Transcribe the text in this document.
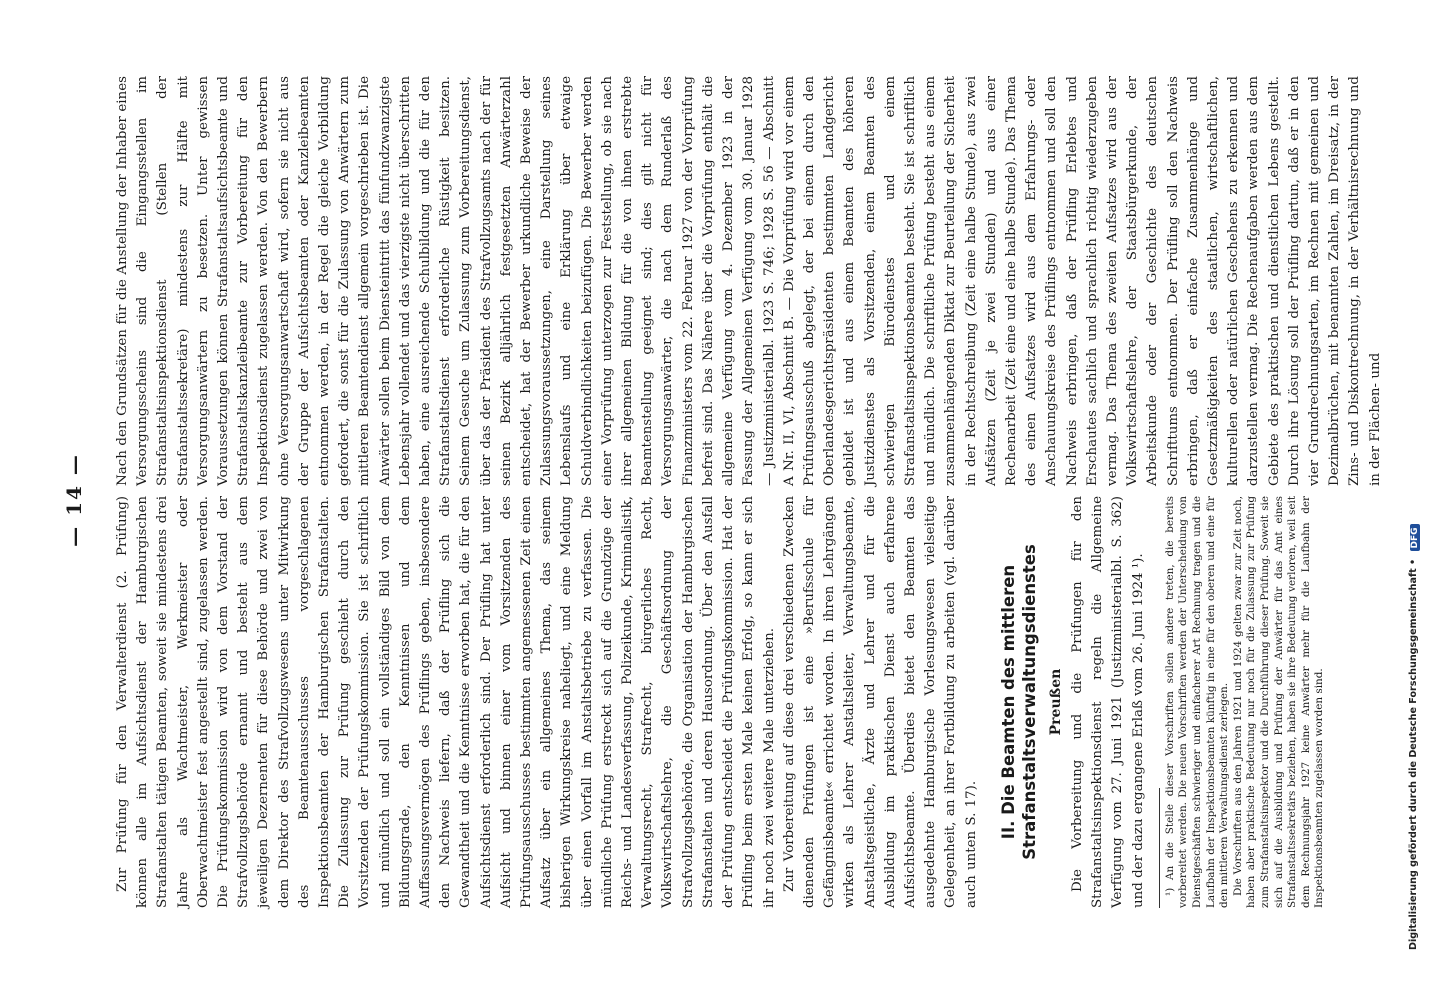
— 14 — Zur Prüfung für den Verwalterdienst (2. Prüfung) können alle im Aufsichtsdienst der Hamburgischen Strafanstalten tätigen Beamten, soweit sie mindestens drei Jahre als Wachtmeister, Werkmeister oder Oberwachtmeister fest angestellt sind, zugelassen werden. Die Prüfungskommission wird von dem Vorstand der Strafvollzugsbehörde ernannt und besteht aus dem jeweiligen Dezernenten für diese Behörde und zwei von dem Direktor des Strafvollzugswesens unter Mitwirkung des Beamtenausschusses vorgeschlagenen Inspektionsbeamten der Hamburgischen Strafanstalten. Die Zulassung zur Prüfung geschieht durch den Vorsitzenden der Prüfungskommission. Sie ist schriftlich und mündlich und soll ein vollständiges Bild von dem Bildungsgrade, den Kenntnissen und dem Auffassungsvermögen des Prüflings geben, insbesondere den Nachweis liefern, daß der Prüfling sich die Gewandtheit und die Kenntnisse erworben hat, die für den Aufsichtsdienst erforderlich sind. Der Prüfling hat unter Aufsicht und binnen einer vom Vorsitzenden des Prüfungsausschusses bestimmten angemessenen Zeit einen Aufsatz über ein allgemeines Thema, das seinem bisherigen Wirkungskreise naheliegt, und eine Meldung über einen Vorfall im Anstaltsbetriebe zu verfassen. Die mündliche Prüfung erstreckt sich auf die Grundzüge der Reichs- und Landesverfassung, Polizeikunde, Kriminalistik, Verwaltungsrecht, Strafrecht, bürgerliches Recht, Volkswirtschaftslehre, die Geschäftsordnung der Strafvollzugsbehörde, die Organisation der Hamburgischen Strafanstalten und deren Hausordnung. Über den Ausfall der Prüfung entscheidet die Prüfungskommission. Hat der Prüfling beim ersten Male keinen Erfolg, so kann er sich ihr noch zwei weitere Male unterziehen. Zur Vorbereitung auf diese drei verschiedenen Zwecken dienenden Prüfungen ist eine »Berufsschule für Gefängnisbeamte« errichtet worden. In ihren Lehrgängen wirken als Lehrer Anstaltsleiter, Verwaltungsbeamte, Anstaltsgeistliche, Ärzte und Lehrer und für die Ausbildung im praktischen Dienst auch erfahrene Aufsichtsbeamte. Überdies bietet den Beamten das ausgedehnte Hamburgische Vorlesungswesen vielseitige Gelegenheit, an ihrer Fortbildung zu arbeiten (vgl. darüber auch unten S. 17).

II. Die Beamten des mittleren Strafanstaltsverwaltungsdienstes Preußen Die Vorbereitung und die Prüfungen für den Strafanstaltsinspektionsdienst regeln die Allgemeine Verfügung vom 27. Juni 1921 (Justizministerialbl. S. 362) und der dazu ergangene Erlaß vom 26. Juni 1924 ¹).	¹) An die Stelle dieser Vorschriften sollen andere treten, die bereits vorbereitet werden. Die neuen Vorschriften werden der Unterscheidung von Dienstgeschäften schwieriger und einfacherer Art Rechnung tragen und die Laufbahn der Inspektionsbeamten künftig in eine für den oberen und eine für den mittleren Verwaltungsdienst zerlegen. Die Vorschriften aus den Jahren 1921 und 1924 gelten zwar zur Zeit noch, haben aber praktische Bedeutung nur noch für die Zulassung zur Prüfung zum Strafanstaltsinspektor und die Durchführung dieser Prüfung. Soweit sie sich auf die Ausbildung und Prüfung der Anwärter für das Amt eines Strafanstaltssekretärs beziehen, haben sie ihre Bedeutung verloren, weil seit dem Rechnungsjahr 1927 keine Anwärter mehr für die Laufbahn der Inspektionsbeamten zugelassen worden sind.

Nach den Grundsätzen für die Anstellung der Inhaber eines Versorgungsscheins sind die Eingangsstellen im Strafanstaltsinspektionsdienst (Stellen der Strafanstaltssekretäre) mindestens zur Hälfte mit Versorgungsanwärtern zu besetzen. Unter gewissen Voraussetzungen können Strafanstaltsaufsichtsbeamte und Strafanstaltskanzleibeamte zur Vorbereitung für den Inspektionsdienst zugelassen werden. Von den Bewerbern ohne Versorgungsanwartschaft wird, sofern sie nicht aus der Gruppe der Aufsichtsbeamten oder Kanzleibeamten entnommen werden, in der Regel die gleiche Vorbildung gefordert, die sonst für die Zulassung von Anwärtern zum mittleren Beamtendienst allgemein vorgeschrieben ist. Die Anwärter sollen beim Diensteintritt das fünfundzwanzigste Lebensjahr vollendet und das vierzigste nicht überschritten haben, eine ausreichende Schulbildung und die für den Strafanstaltsdienst erforderliche Rüstigkeit besitzen. Seinem Gesuche um Zulassung zum Vorbereitungsdienst, über das der Präsident des Strafvollzugsamts nach der für seinen Bezirk alljährlich festgesetzten Anwärterzahl entscheidet, hat der Bewerber urkundliche Beweise der Zulassungsvoraussetzungen, eine Darstellung seines Lebenslaufs und eine Erklärung über etwaige Schuldverbindlichkeiten beizufügen. Die Bewerber werden einer Vorprüfung unterzogen zur Feststellung, ob sie nach ihrer allgemeinen Bildung für die von ihnen erstrebte Beamtenstellung geeignet sind; dies gilt nicht für Versorgungsanwärter, die nach dem Runderlaß des Finanzministers vom 22. Februar 1927 von der Vorprüfung befreit sind. Das Nähere über die Vorprüfung enthält die allgemeine Verfügung vom 4. Dezember 1923 in der Fassung der Allgemeinen Verfügung vom 30. Januar 1928 — Justizministerialbl. 1923 S. 746; 1928 S. 56 — Abschnitt A Nr. II, VI, Abschnitt B. — Die Vorprüfung wird vor einem Prüfungsausschuß abgelegt, der bei einem durch den Oberlandesgerichtspräsidenten bestimmten Landgericht gebildet ist und aus einem Beamten des höheren Justizdienstes als Vorsitzenden, einem Beamten des schwierigen Bürodienstes und einem Strafanstaltsinspektionsbeamten besteht. Sie ist schriftlich und mündlich. Die schriftliche Prüfung besteht aus einem zusammenhängenden Diktat zur Beurteilung der Sicherheit in der Rechtschreibung (Zeit eine halbe Stunde), aus zwei Aufsätzen (Zeit je zwei Stunden) und aus einer Rechenarbeit (Zeit eine und eine halbe Stunde). Das Thema des einen Aufsatzes wird aus dem Erfahrungs- oder Anschauungskreise des Prüflings entnommen und soll den Nachweis erbringen, daß der Prüfling Erlebtes und Erschautes sachlich und sprachlich richtig wiederzugeben vermag. Das Thema des zweiten Aufsatzes wird aus der Volkswirtschaftslehre, der Staatsbürgerkunde, der Arbeitskunde oder der Geschichte des deutschen Schrifttums entnommen. Der Prüfling soll den Nachweis erbringen, daß er einfache Zusammenhänge und Gesetzmäßigkeiten des staatlichen, wirtschaftlichen, kulturellen oder natürlichen Geschehens zu erkennen und darzustellen vermag. Die Rechenaufgaben werden aus dem Gebiete des praktischen und dienstlichen Lebens gestellt. Durch ihre Lösung soll der Prüfling dartun, daß er in den vier Grundrechnungsarten, im Rechnen mit gemeinen und Dezimalbrüchen, mit benannten Zahlen, im Dreisatz, in der Zins- und Diskontrechnung, in der Verhältnisrechnung und in der Flächen- und

Digitalisierung gefördert durch die Deutsche Forschungsgemeinschaft • DFG
